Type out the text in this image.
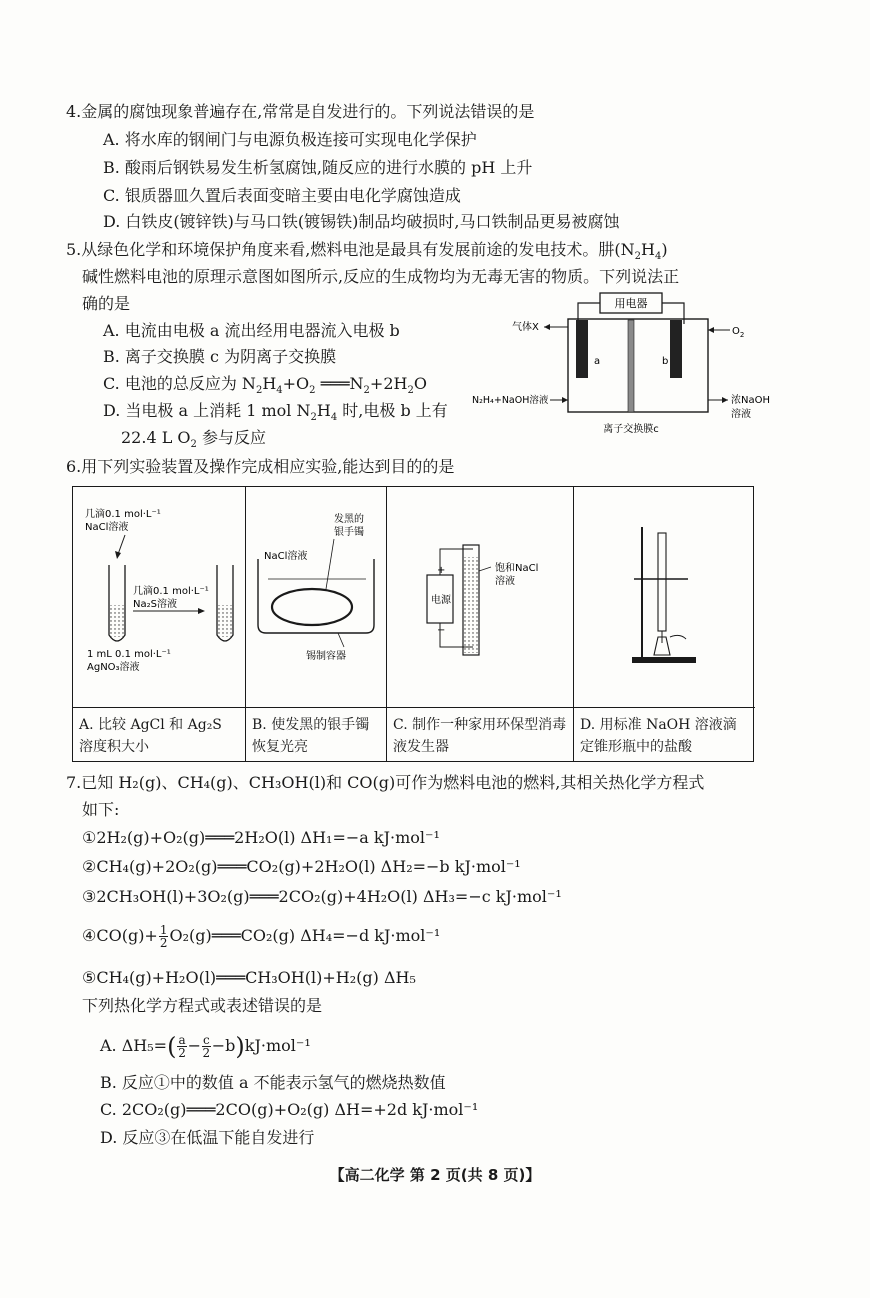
4.金属的腐蚀现象普遍存在,常常是自发进行的。下列说法错误的是
A. 将水库的钢闸门与电源负极连接可实现电化学保护
B. 酸雨后钢铁易发生析氢腐蚀,随反应的进行水膜的 pH 上升
C. 银质器皿久置后表面变暗主要由电化学腐蚀造成
D. 白铁皮(镀锌铁)与马口铁(镀锡铁)制品均破损时,马口铁制品更易被腐蚀
5.从绿色化学和环境保护角度来看,燃料电池是最具有发展前途的发电技术。肼$(N_2H_4)$
碱性燃料电池的原理示意图如图所示,反应的生成物均为无毒无害的物质。下列说法正
确的是
A. 电流由电极 a 流出经用电器流入电极 b
B. 离子交换膜 c 为阴离子交换膜
C. 电池的总反应为 $N_2H_4+O_2$ $═══N_2+2H_2O$
D. 当电极 a 上消耗 1 mol $N_2H_4$ 时,电极 b 上有
22.4 L $O_2$ 参与反应
用电器
a	b
气体X	$O_2$
N₂H₄+NaOH溶液	浓NaOH
溶液
离子交换膜c
6.用下列实验装置及操作完成相应实验,能达到目的的是
几滴0.1 mol·L⁻¹
NaCl溶液
几滴0.1 mol·L⁻¹
Na₂S溶液
1 mL 0.1 mol·L⁻¹
AgNO₃溶液
A. 比较 AgCl 和 Ag₂S 溶度积大小
NaCl溶液
发黑的
银手镯
锡制容器
B. 使发黑的银手镯恢复光亮
电源
+
−
饱和NaCl
溶液
C. 制作一种家用环保型消毒液发生器
D. 用标准 NaOH 溶液滴定锥形瓶中的盐酸
7.已知 H₂(g)、CH₄(g)、CH₃OH(l)和 CO(g)可作为燃料电池的燃料,其相关热化学方程式
如下:
①2H₂(g)+O₂(g)═══2H₂O(l) ΔH₁=−a kJ·mol⁻¹
②CH₄(g)+2O₂(g)═══CO₂(g)+2H₂O(l) ΔH₂=−b kJ·mol⁻¹
③2CH₃OH(l)+3O₂(g)═══2CO₂(g)+4H₂O(l) ΔH₃=−c kJ·mol⁻¹
④CO(g)+ $\frac{1}{2}$ O₂(g)═══CO₂(g) ΔH₄=−d kJ·mol⁻¹
⑤CH₄(g)+H₂O(l)═══CH₃OH(l)+H₂(g) ΔH₅
下列热化学方程式或表述错误的是
A. $\Delta H_5=( \frac{a}{2} - \frac{c}{2} -b)kJ\cdot mol^{-1}$
B. 反应①中的数值 a 不能表示氢气的燃烧热数值
C. 2CO₂(g)═══2CO(g)+O₂(g) ΔH=+2d kJ·mol⁻¹
D. 反应③在低温下能自发进行
【高二化学 第 2 页(共 8 页)】
